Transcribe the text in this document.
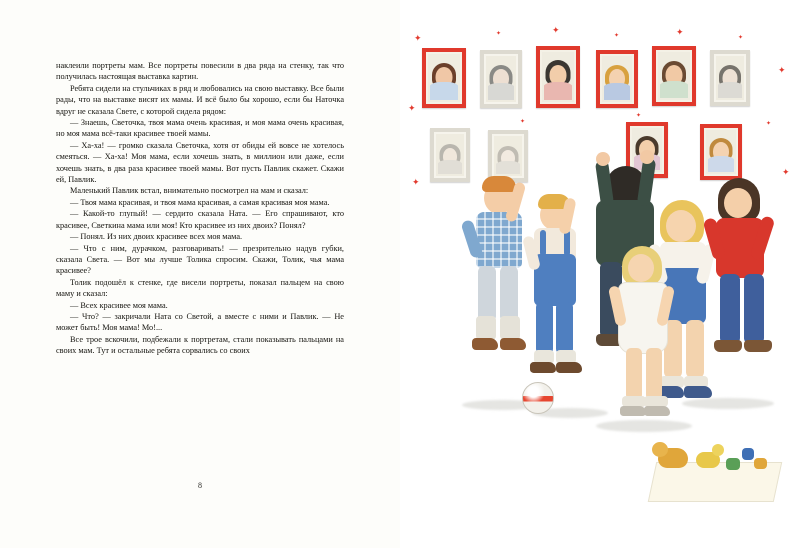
наклеили портреты мам. Все портреты повесили в два ряда на стенку, так что получилась настоящая выставка картин.

Ребята сидели на стульчиках в ряд и любовались на свою выставку. Все были рады, что на выставке висят их мамы. И всё было бы хорошо, если бы Наточка вдруг не сказала Свете, с которой сидела рядом:

— Знаешь, Светочка, твоя мама очень красивая, и моя мама очень красивая, но моя мама всё-таки красивее твоей мамы.

— Ха-ха! — громко сказала Светочка, хотя от обиды ей вовсе не хотелось смеяться. — Ха-ха! Моя мама, если хочешь знать, в миллион или даже, если хочешь знать, в два раза красивее твоей мамы. Вот пусть Павлик скажет. Скажи ей, Павлик.

Маленький Павлик встал, внимательно посмотрел на мам и сказал:

— Твоя мама красивая, и твоя мама красивая, а самая красивая моя мама.

— Какой-то глупый! — сердито сказала Ната. — Его спрашивают, кто красивее, Светкина мама или моя! Кто красивее из них двоих? Понял?

— Понял. Из них двоих красивее всех моя мама.

— Что с ним, дурачком, разговаривать! — презрительно надув губки, сказала Света. — Вот мы лучше Толика спросим. Скажи, Толик, чья мама красивее?

Толик подошёл к стенке, где висели портреты, показал пальцем на свою маму и сказал:

— Всех красивее моя мама.

— Что? — закричали Ната со Светой, а вместе с ними и Павлик. — Не может быть! Моя мама! Мо!...

Все трое вскочили, подбежали к портретам, стали показывать пальцами на своих мам. Тут и остальные ребята сорвались со своих

8
✦
✦
✦
✦	✦
✦	✦
✦
✦
✦
✦
✦
✦
